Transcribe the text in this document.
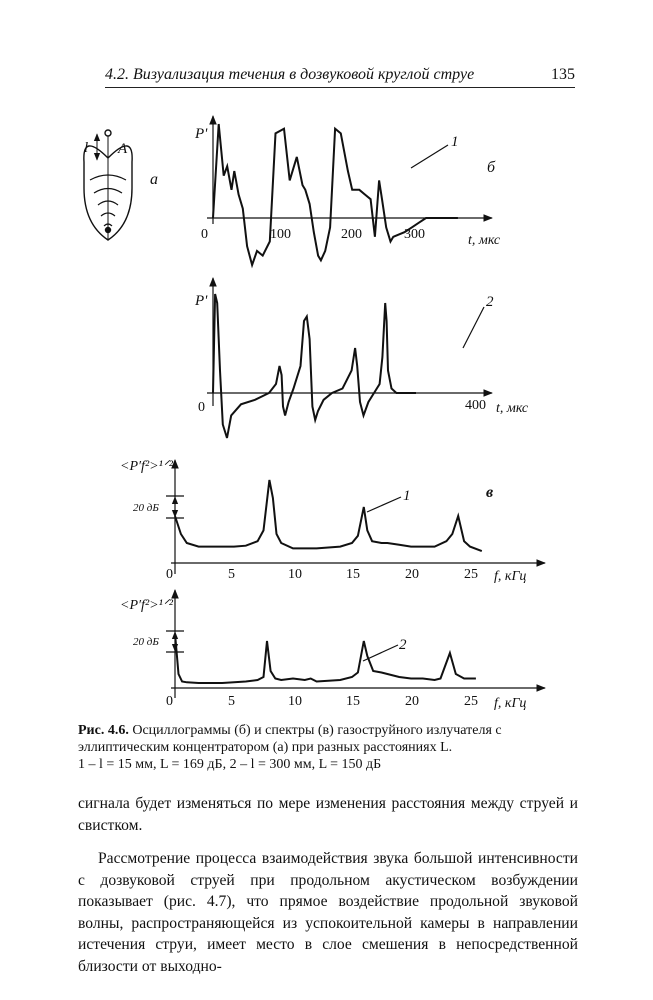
4.2. Визуализация течения в дозвуковой круглой струе	135
l A
а
P'
0	100	200	300	t, мкс
1
б
P'
0	400 t, мкс
2
<P′f²>¹ᐟ²
20 дБ
0	5	10	15	20	25 f, кГц
1	в
<P′f²>¹ᐟ²
20 дБ
0	5	10	15	20	25 f, кГц
2
Рис. 4.6. Осциллограммы (б) и спектры (в) газоструйного излучателя с эллиптическим концентратором (а) при разных расстояниях L.
1 – l = 15 мм, L = 169 дБ, 2 – l = 300 мм, L = 150 дБ

сигнала будет изменяться по мере изменения расстояния между струей и свистком.

Рассмотрение процесса взаимодействия звука большой интенсивности с дозвуковой струей при продольном акустическом возбуждении показывает (рис. 4.7), что прямое воздействие продольной звуковой волны, распространяющейся из успокоительной камеры в направлении истечения струи, имеет место в слое смешения в непосредственной близости от выходно-
